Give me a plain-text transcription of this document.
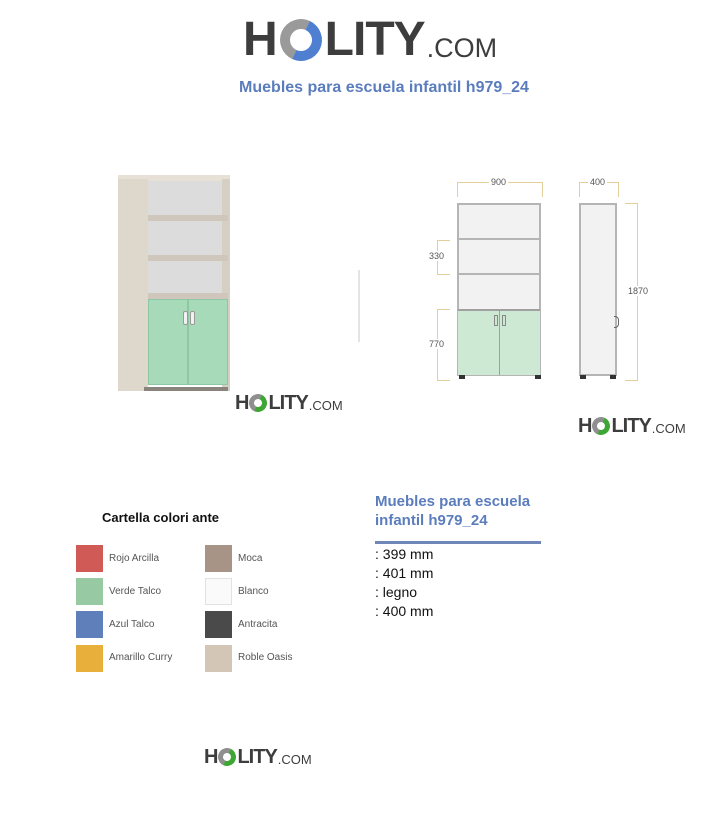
H LITY .COM
Muebles para escuela infantil h979_24
H LITY .COM
900
330
770
400
1870
H LITY .COM
Cartella colori ante
Rojo Arcilla
Verde Talco
Azul Talco
Amarillo Curry
Moca
Blanco
Antracita
Roble Oasis
Muebles para escuela infantil h979_24
: 399 mm
: 401 mm
: legno
: 400 mm
H LITY .COM
